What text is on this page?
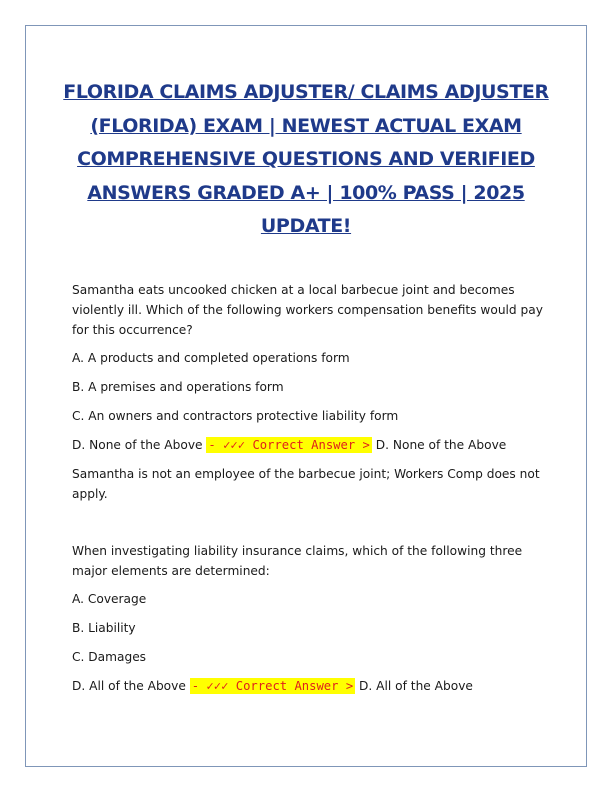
FLORIDA CLAIMS ADJUSTER/ CLAIMS ADJUSTER (FLORIDA) EXAM | NEWEST ACTUAL EXAM COMPREHENSIVE QUESTIONS AND VERIFIED ANSWERS GRADED A+ | 100% PASS | 2025 UPDATE!

Samantha eats uncooked chicken at a local barbecue joint and becomes violently ill. Which of the following workers compensation benefits would pay for this occurrence?

A. A products and completed operations form

B. A premises and operations form

C. An owners and contractors protective liability form

D. None of the Above - ✓✓✓ Correct Answer > D. None of the Above

Samantha is not an employee of the barbecue joint; Workers Comp does not apply.

When investigating liability insurance claims, which of the following three major elements are determined:

A. Coverage

B. Liability

C. Damages

D. All of the Above - ✓✓✓ Correct Answer > D. All of the Above
